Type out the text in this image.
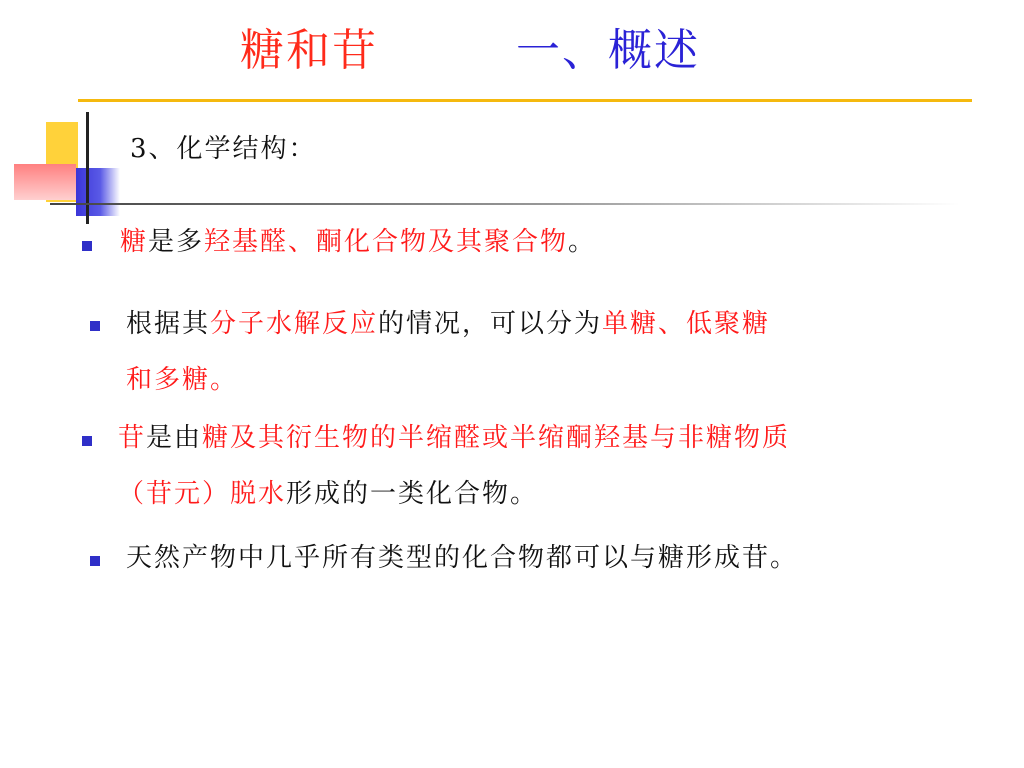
糖和苷	一、概述
3、化学结构：
糖是多羟基醛、酮化合物及其聚合物。
根据其分子水解反应的情况，可以分为单糖、低聚糖
和多糖。
苷是由糖及其衍生物的半缩醛或半缩酮羟基与非糖物质
（苷元）脱水形成的一类化合物。
天然产物中几乎所有类型的化合物都可以与糖形成苷。
